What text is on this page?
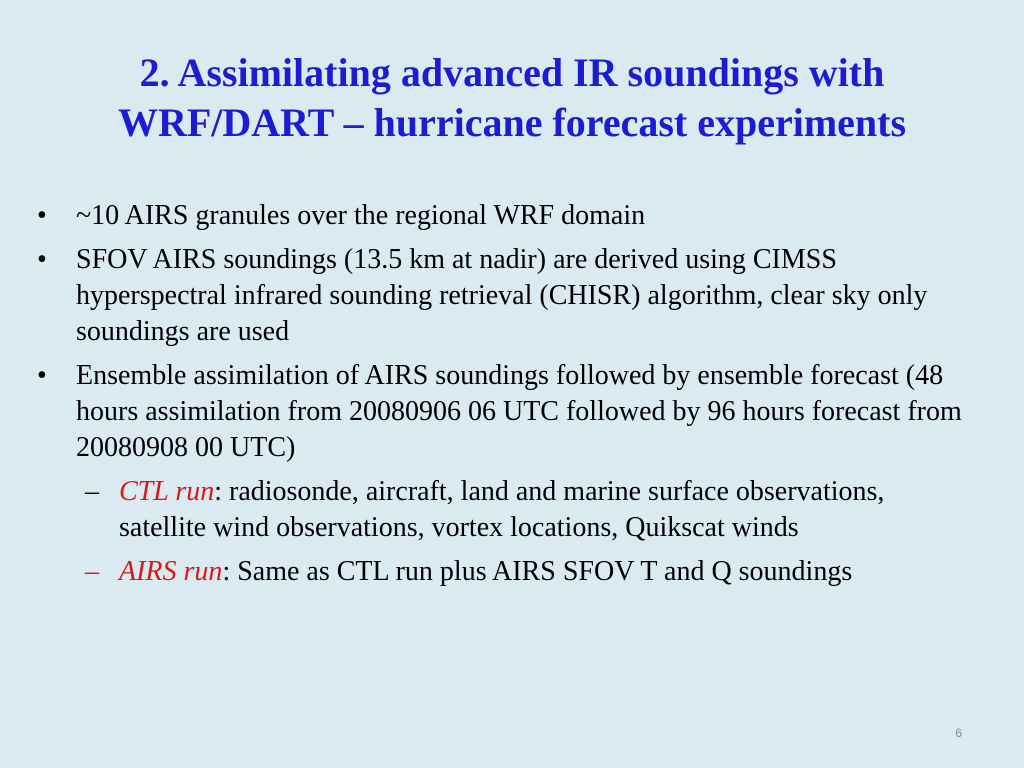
2. Assimilating advanced IR soundings with
WRF/DART – hurricane forecast experiments
• ~10 AIRS granules over the regional WRF domain
• SFOV AIRS soundings (13.5 km at nadir) are derived using CIMSS hyperspectral infrared sounding retrieval (CHISR) algorithm, clear sky only soundings are used
• Ensemble assimilation of AIRS soundings followed by ensemble forecast (48 hours assimilation from 20080906 06 UTC followed by 96 hours forecast from 20080908 00 UTC)
– CTL run: radiosonde, aircraft, land and marine surface observations, satellite wind observations, vortex locations, Quikscat winds
– AIRS run: Same as CTL run plus AIRS SFOV T and Q soundings
6
